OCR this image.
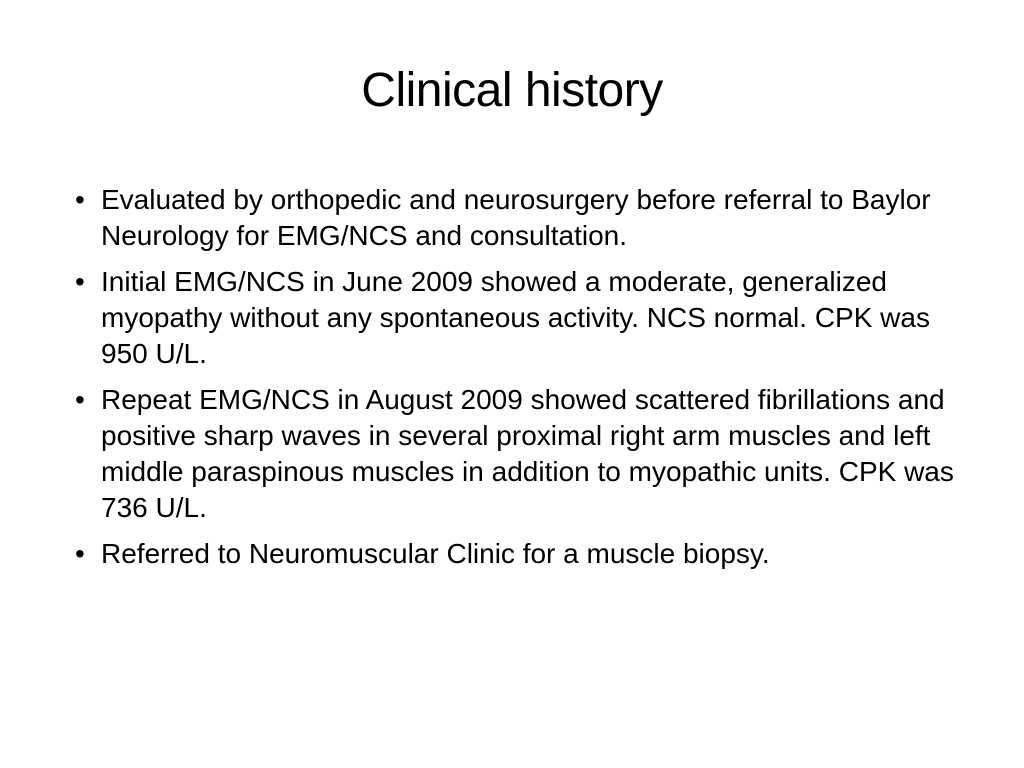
Clinical history
• Evaluated by orthopedic and neurosurgery before referral to Baylor Neurology for EMG/NCS and consultation.
• Initial EMG/NCS in June 2009 showed a moderate, generalized myopathy without any spontaneous activity. NCS normal. CPK was 950 U/L.
• Repeat EMG/NCS in August 2009 showed scattered fibrillations and positive sharp waves in several proximal right arm muscles and left middle paraspinous muscles in addition to myopathic units. CPK was 736 U/L.
• Referred to Neuromuscular Clinic for a muscle biopsy.
